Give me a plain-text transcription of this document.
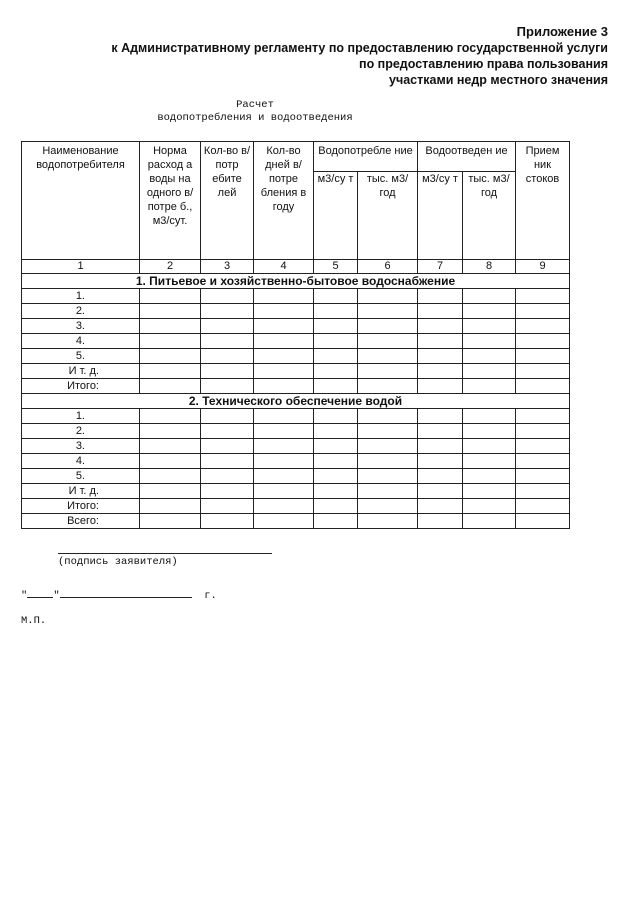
Приложение 3
к Административному регламенту по предоставлению государственной услуги
по предоставлению права пользования
участками недр местного значения
Расчет
водопотребления и водоотведения
Наименование водопотребителя	Норма расход а воды на одного в/потре б., м3/сут.	Кол-во в/потр ебите лей	Кол-во дней в/потре бления в году	Водопотребле ние		Водоотведен ие		Прием ник стоков
				м3/су т	тыс. м3/ год	м3/су т	тыс. м3/ год	
1	2	3	4	5	6	7	8	9
1. Питьевое и хозяйственно-бытовое водоснабжение								
1.								
2.								
3.								
4.								
5.								
И т. д.								
Итого:								
2. Технического обеспечение водой								
1.								
2.								
3.								
4.								
5.								
И т. д.								
Итого:								
Всего:								
(подпись заявителя)
" "	г.
М.П.
